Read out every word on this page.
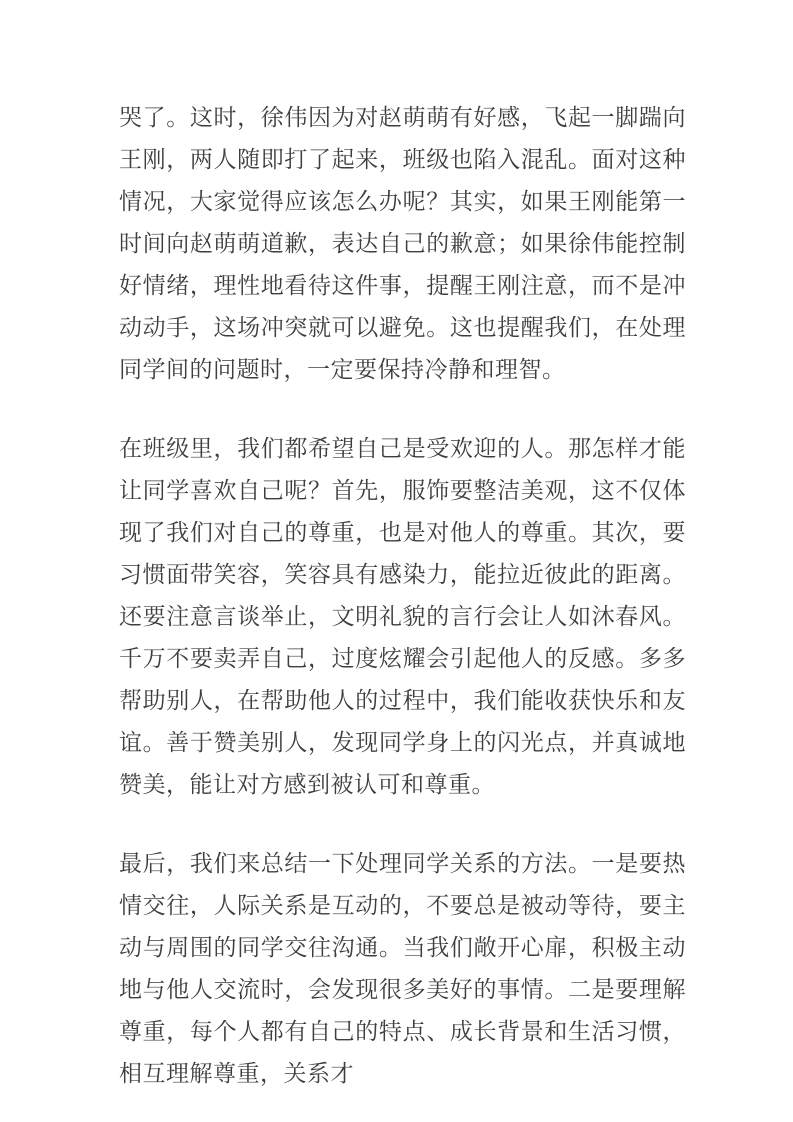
哭了。这时，徐伟因为对赵萌萌有好感，飞起一脚踹向王刚，两人随即打了起来，班级也陷入混乱。面对这种情况，大家觉得应该怎么办呢？其实，如果王刚能第一时间向赵萌萌道歉，表达自己的歉意；如果徐伟能控制好情绪，理性地看待这件事，提醒王刚注意，而不是冲动动手，这场冲突就可以避免。这也提醒我们，在处理同学间的问题时，一定要保持冷静和理智。

在班级里，我们都希望自己是受欢迎的人。那怎样才能让同学喜欢自己呢？首先，服饰要整洁美观，这不仅体现了我们对自己的尊重，也是对他人的尊重。其次，要习惯面带笑容，笑容具有感染力，能拉近彼此的距离。还要注意言谈举止，文明礼貌的言行会让人如沐春风。千万不要卖弄自己，过度炫耀会引起他人的反感。多多帮助别人，在帮助他人的过程中，我们能收获快乐和友谊。善于赞美别人，发现同学身上的闪光点，并真诚地赞美，能让对方感到被认可和尊重。

最后，我们来总结一下处理同学关系的方法。一是要热情交往，人际关系是互动的，不要总是被动等待，要主动与周围的同学交往沟通。当我们敞开心扉，积极主动地与他人交流时，会发现很多美好的事情。二是要理解尊重，每个人都有自己的特点、成长背景和生活习惯，相互理解尊重，关系才
